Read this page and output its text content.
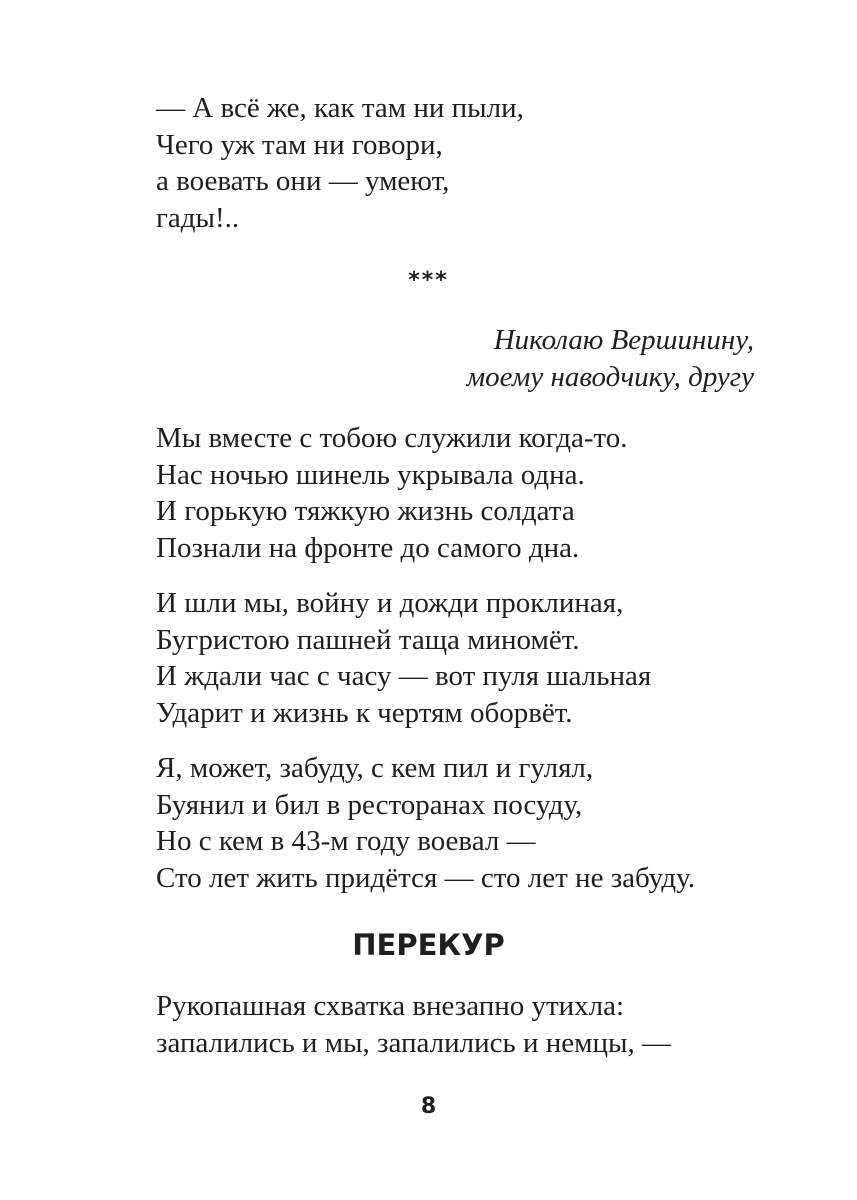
— А всё же, как там ни пыли,
Чего уж там ни говори,
а воевать они — умеют,
гады!..
***
Николаю Вершинину,
моему наводчику, другу
Мы вместе с тобою служили когда-то.
Нас ночью шинель укрывала одна.
И горькую тяжкую жизнь солдата
Познали на фронте до самого дна.
И шли мы, войну и дожди проклиная,
Бугристою пашней таща миномёт.
И ждали час с часу — вот пуля шальная
Ударит и жизнь к чертям оборвёт.
Я, может, забуду, с кем пил и гулял,
Буянил и бил в ресторанах посуду,
Но с кем в 43-м году воевал —
Сто лет жить придётся — сто лет не забуду.
ПЕРЕКУР
Рукопашная схватка внезапно утихла:
запалились и мы, запалились и немцы, —
8
